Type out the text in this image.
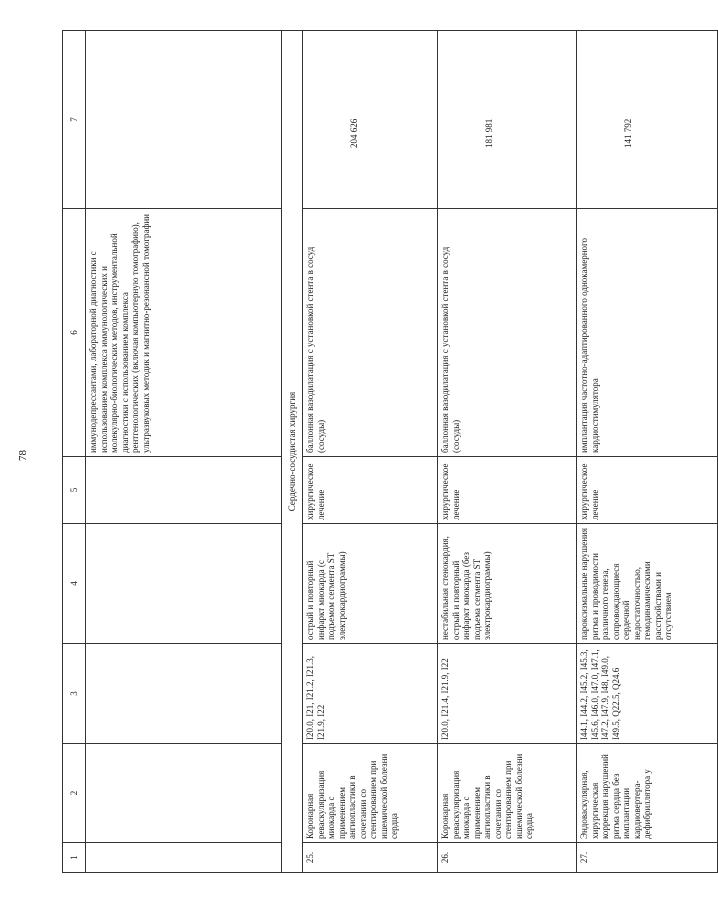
78
1	2	3	4	5	6	7
					иммунодепрессантами, лабораторной диагностики с использованием комплекса иммунологических и молекулярно-биологических методов, инструментальной диагностики с использованием комплекса рентгенологических (включая компьютерную томографию), ультразвуковых методик и магнитно-резонансной томографии	
Сердечно-сосудистая хирургия						
25.	Коронарная реваскуляризация миокарда с применением ангиопластики в сочетании со стентированием при ишемической болезни сердца	I20.0, I21, I21.2, I21.3, I21.9, I22	острый и повторный инфаркт миокарда (с подъемом сегмента ST электрокардиограммы)	хирургическое лечение	баллонная вазодилатация с установкой стента в сосуд (сосуды)	204 626
26.	Коронарная реваскуляризация миокарда с применением ангиопластики в сочетании со стентированием при ишемической болезни сердца	I20.0, I21.4, I21.9, I22	нестабильная стенокардия, острый и повторный инфаркт миокарда (без подъема сегмента ST электрокардиограммы)	хирургическое лечение	баллонная вазодилатация с установкой стента в сосуд (сосуды)	181 981
27.	Эндоваскулярная, хирургическая коррекция нарушений ритма сердца без имплантации кардиовертера-дефибриллятора у	I44.1, I44.2, I45.2, I45.3, I45.6, I46.0, I47.0, I47.1, I47.2, I47.9, I48, I49.0, I49.5, Q22.5, Q24.6	пароксизмальные нарушения ритма и проводимости различного генеза, сопровождающиеся сердечной недостаточностью, гемодинамическими расстройствами и отсутствием	хирургическое лечение	имплантация частотно-адаптированного однокамерного кардиостимулятора	141 792
